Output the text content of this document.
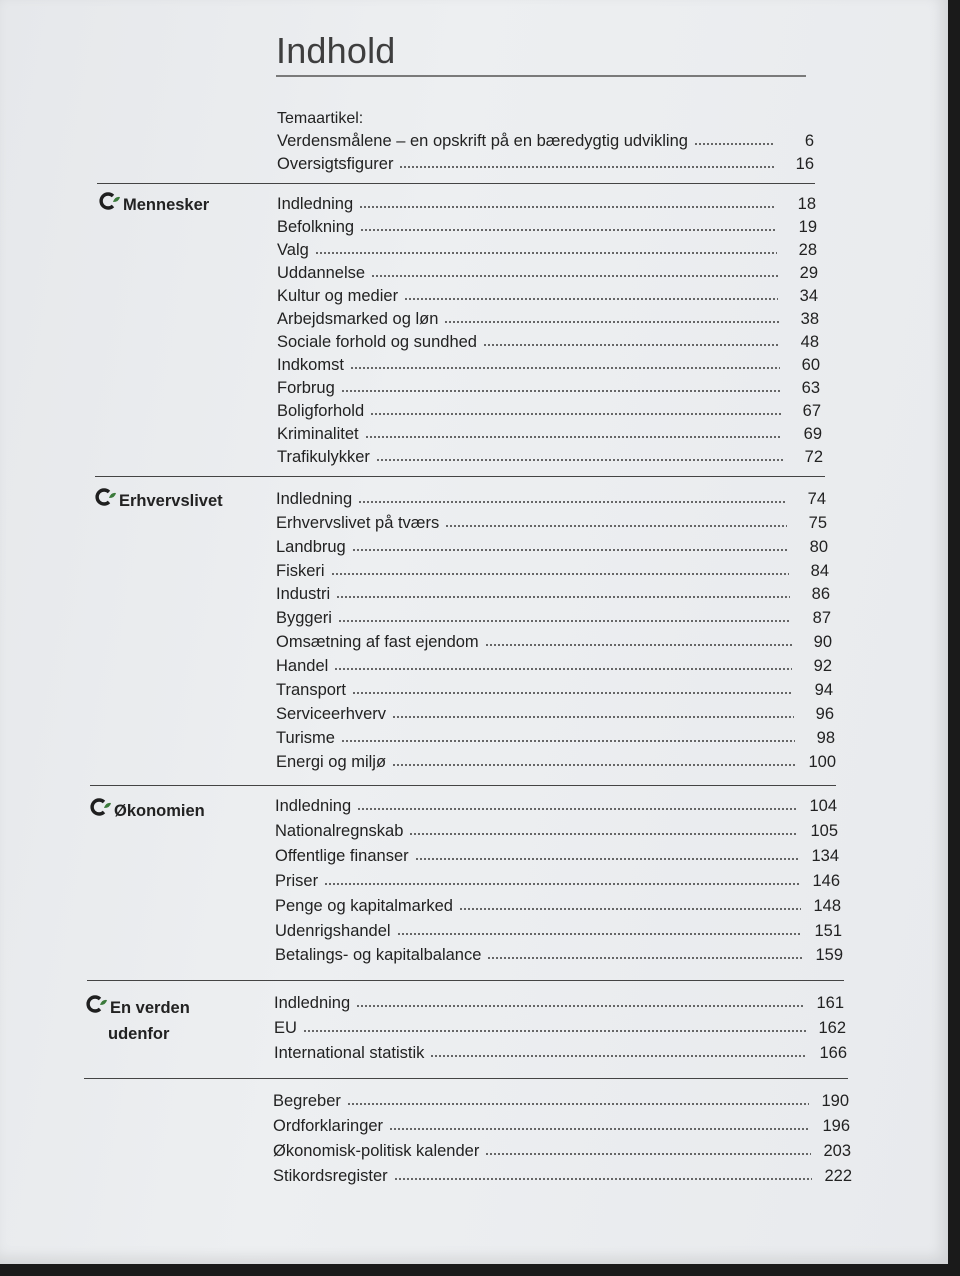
Indhold
Temaartikel:
Verdensmålene – en opskrift på en bæredygtig udvikling	6
Oversigtsfigurer	16
Mennesker	Indledning	18
Befolkning	19
Valg	28
Uddannelse	29
Kultur og medier	34
Arbejdsmarked og løn	38
Sociale forhold og sundhed	48
Indkomst	60
Forbrug	63
Boligforhold	67
Kriminalitet	69
Trafikulykker	72
Erhvervslivet	Indledning	74
Erhvervslivet på tværs	75
Landbrug	80
Fiskeri	84
Industri	86
Byggeri	87
Omsætning af fast ejendom	90
Handel	92
Transport	94
Serviceerhverv	96
Turisme	98
Energi og miljø	100
Økonomien	Indledning	104
Nationalregnskab	105
Offentlige finanser	134
Priser	146
Penge og kapitalmarked	148
Udenrigshandel	151
Betalings- og kapitalbalance	159
En verden
udenfor
Indledning	161
EU	162
International statistik	166
Begreber	190
Ordforklaringer	196
Økonomisk-politisk kalender	203
Stikordsregister	222
